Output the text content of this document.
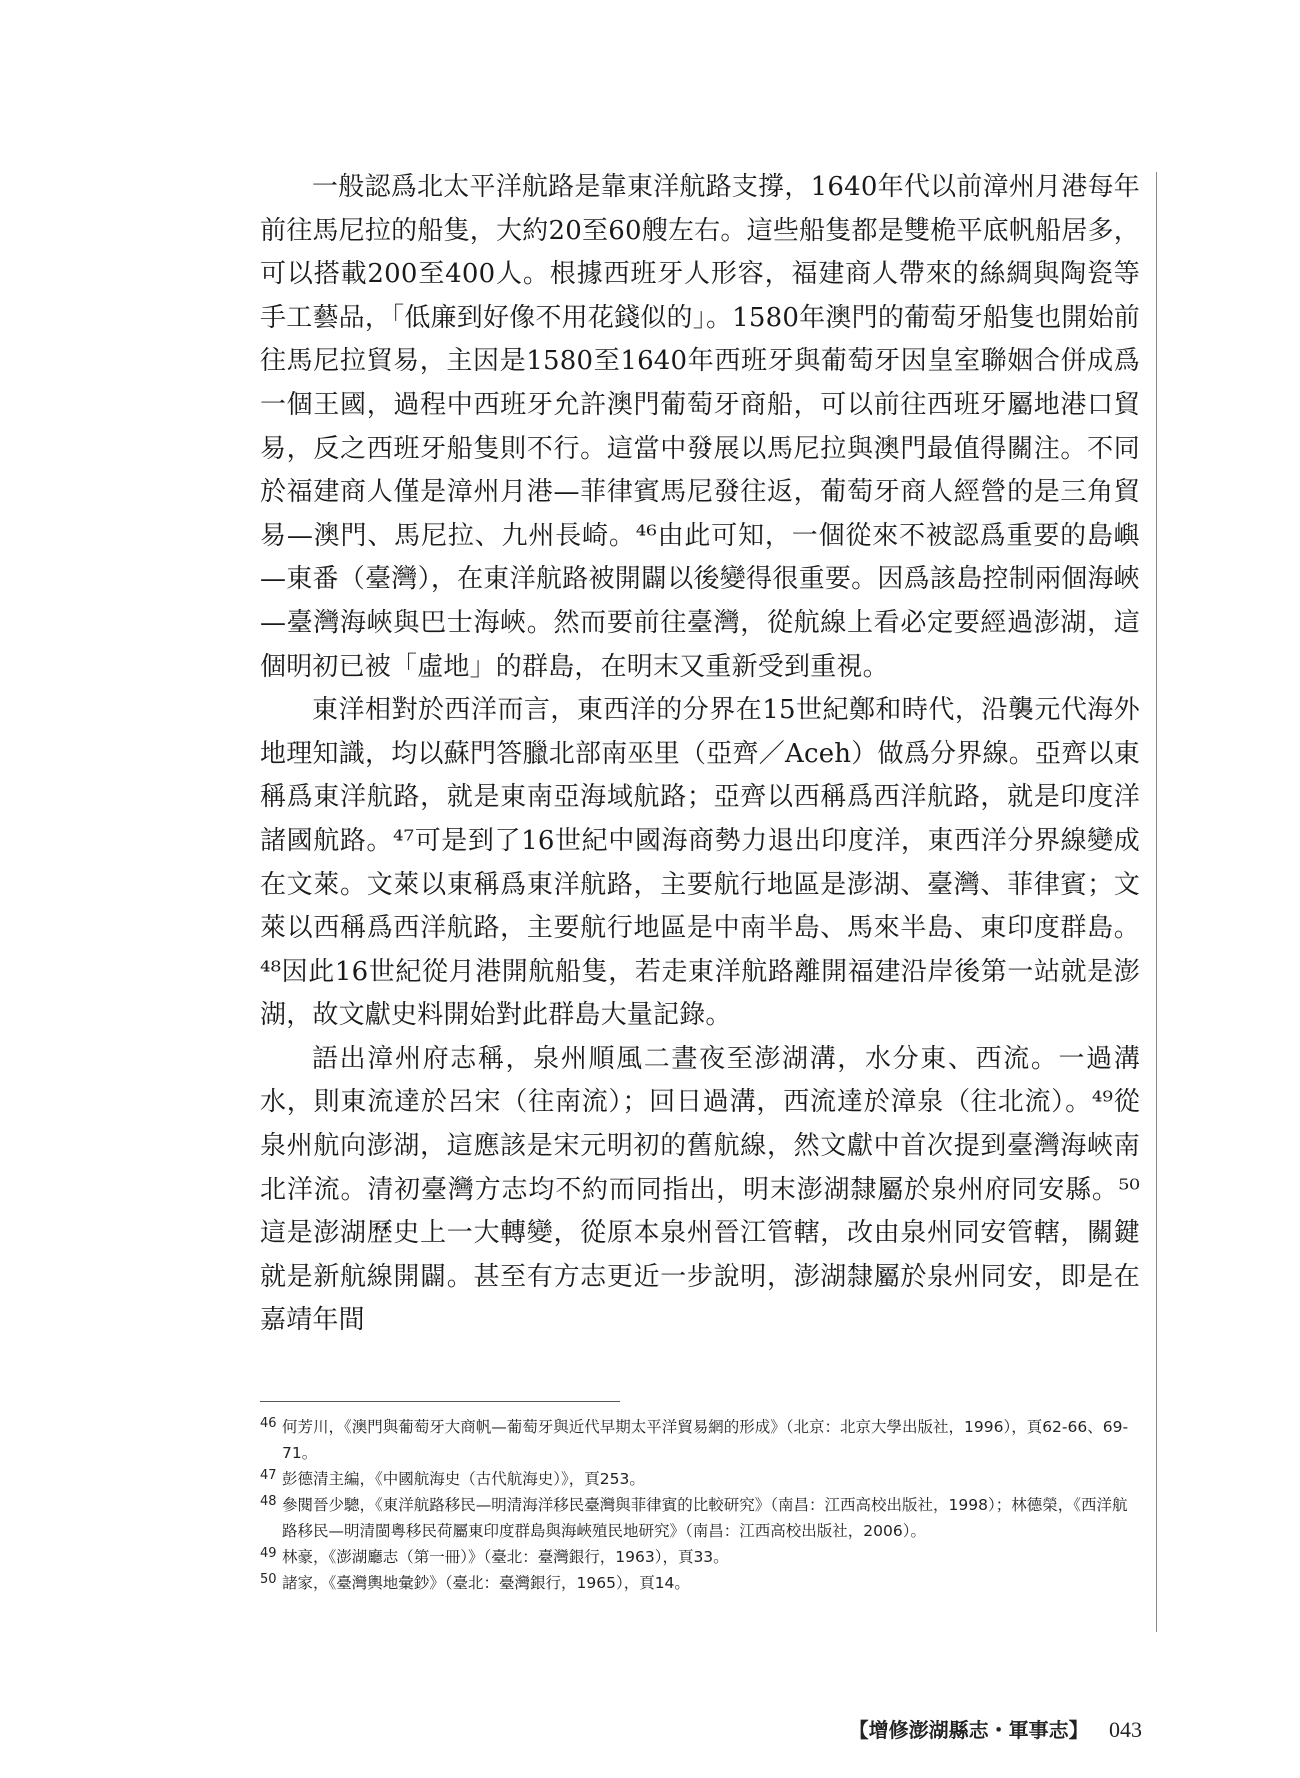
一般認爲北太平洋航路是靠東洋航路支撐，1640年代以前漳州月港每年前往馬尼拉的船隻，大約20至60艘左右。這些船隻都是雙桅平底帆船居多，可以搭載200至400人。根據西班牙人形容，福建商人帶來的絲綢與陶瓷等手工藝品，「低廉到好像不用花錢似的」。1580年澳門的葡萄牙船隻也開始前往馬尼拉貿易，主因是1580至1640年西班牙與葡萄牙因皇室聯姻合併成爲一個王國，過程中西班牙允許澳門葡萄牙商船，可以前往西班牙屬地港口貿易，反之西班牙船隻則不行。這當中發展以馬尼拉與澳門最值得關注。不同於福建商人僅是漳州月港—菲律賓馬尼發往返，葡萄牙商人經營的是三角貿易—澳門、馬尼拉、九州長崎。⁴⁶由此可知，一個從來不被認爲重要的島嶼—東番（臺灣），在東洋航路被開闢以後變得很重要。因爲該島控制兩個海峽—臺灣海峽與巴士海峽。然而要前往臺灣，從航線上看必定要經過澎湖，這個明初已被「虛地」的群島，在明末又重新受到重視。

東洋相對於西洋而言，東西洋的分界在15世紀鄭和時代，沿襲元代海外地理知識，均以蘇門答臘北部南巫里（亞齊／Aceh）做爲分界線。亞齊以東稱爲東洋航路，就是東南亞海域航路；亞齊以西稱爲西洋航路，就是印度洋諸國航路。⁴⁷可是到了16世紀中國海商勢力退出印度洋，東西洋分界線變成在文萊。文萊以東稱爲東洋航路，主要航行地區是澎湖、臺灣、菲律賓；文萊以西稱爲西洋航路，主要航行地區是中南半島、馬來半島、東印度群島。⁴⁸因此16世紀從月港開航船隻，若走東洋航路離開福建沿岸後第一站就是澎湖，故文獻史料開始對此群島大量記錄。

語出漳州府志稱，泉州順風二晝夜至澎湖溝，水分東、西流。一過溝水，則東流達於呂宋（往南流）；回日過溝，西流達於漳泉（往北流）。⁴⁹從泉州航向澎湖，這應該是宋元明初的舊航線，然文獻中首次提到臺灣海峽南北洋流。清初臺灣方志均不約而同指出，明末澎湖隸屬於泉州府同安縣。⁵⁰這是澎湖歷史上一大轉變，從原本泉州晉江管轄，改由泉州同安管轄，關鍵就是新航線開闢。甚至有方志更近一步說明，澎湖隸屬於泉州同安，即是在嘉靖年間

46 何芳川，《澳門與葡萄牙大商帆—葡萄牙與近代早期太平洋貿易網的形成》（北京：北京大學出版社，1996），頁62-66、69-71。
47 彭德清主編，《中國航海史（古代航海史）》，頁253。
48 參閱晉少驄，《東洋航路移民—明清海洋移民臺灣與菲律賓的比較研究》（南昌：江西高校出版社，1998）；林德榮，《西洋航路移民—明清閩粵移民荷屬東印度群島與海峽殖民地研究》（南昌：江西高校出版社，2006）。
49 林豪，《澎湖廳志（第一冊）》（臺北：臺灣銀行，1963），頁33。
50 諸家，《臺灣輿地彙鈔》（臺北：臺灣銀行，1965），頁14。
【增修澎湖縣志・軍事志】 043
